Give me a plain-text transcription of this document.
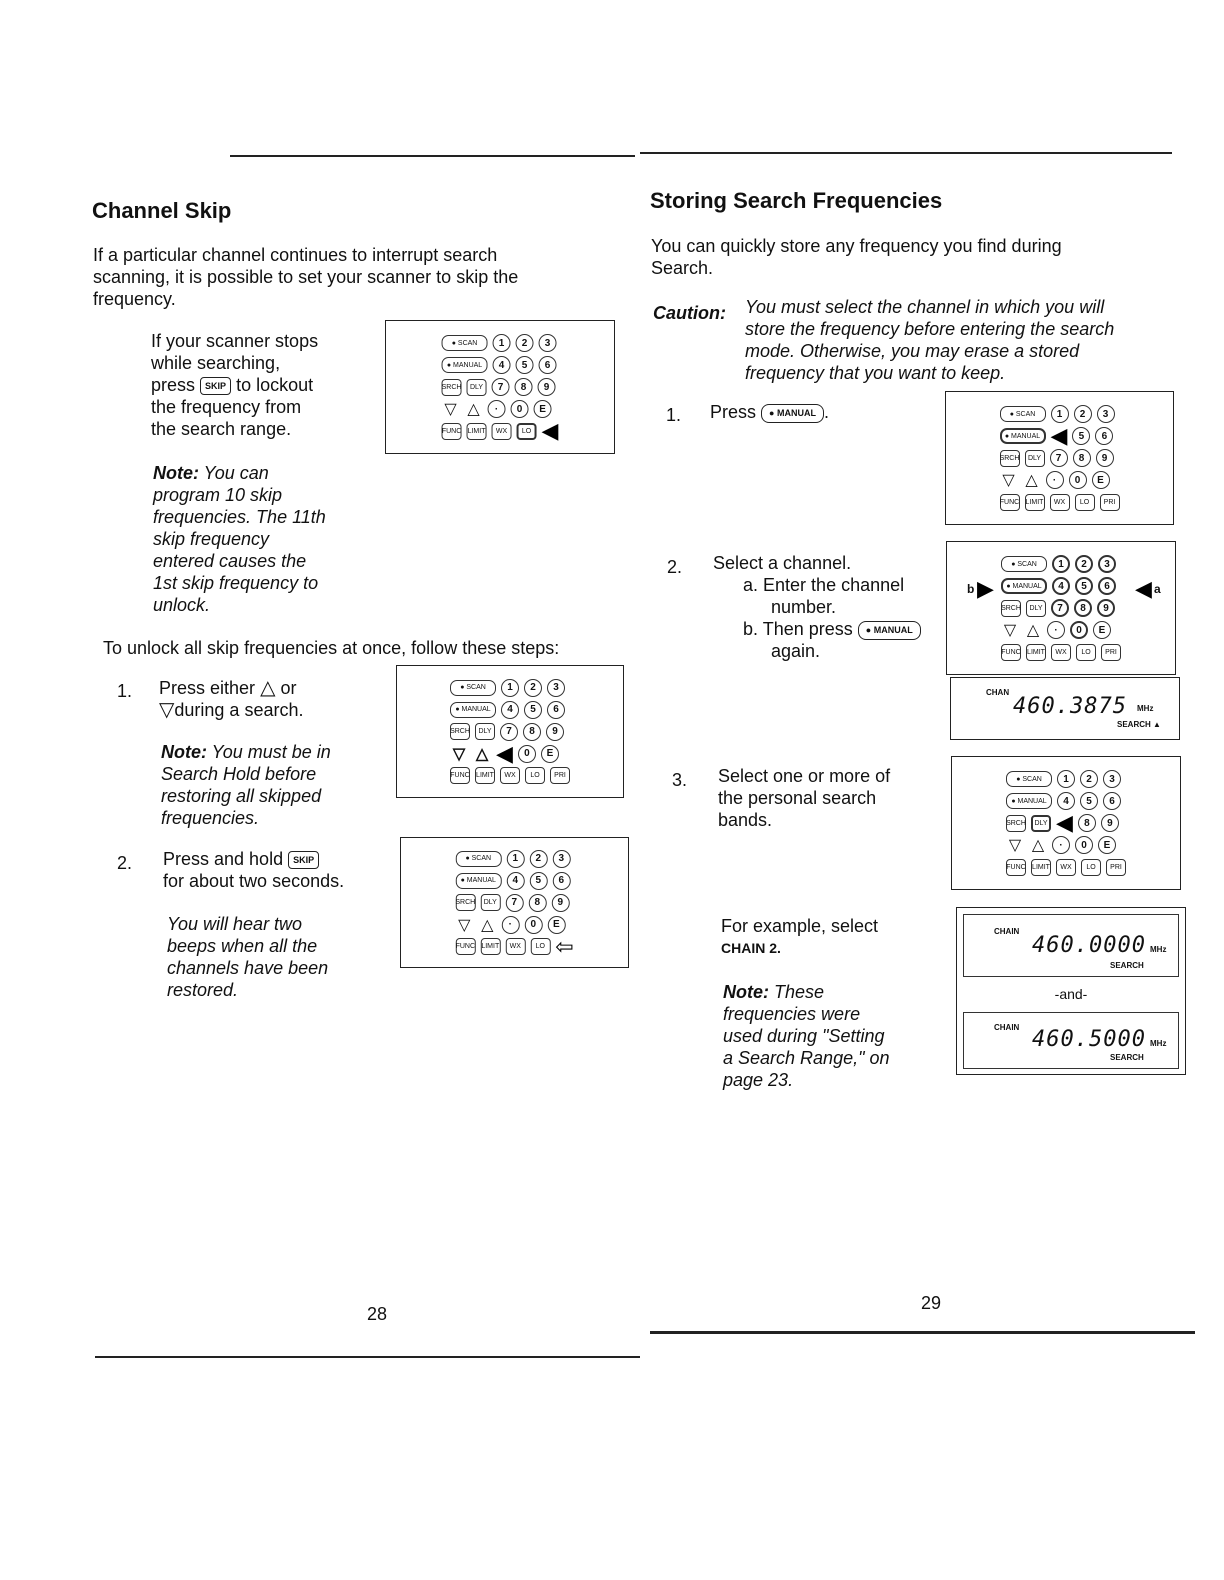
Channel Skip
If a particular channel continues to interrupt search
scanning, it is possible to set your scanner to skip the
frequency.
If your scanner stops
while searching,
press SKIP to lockout
the frequency from
the search range.
● SCAN	1	2	3
● MANUAL	4	5	6
SRCH	DLY	7	8	9
▽ △	·	0	E
FUNC LIMIT	WX	LO ◀
Note: You can
program 10 skip
frequencies. The 11th
skip frequency
entered causes the
1st skip frequency to
unlock.
To unlock all skip frequencies at once, follow these steps:
1. Press either △ or
▽during a search.
Note: You must be in
Search Hold before
restoring all skipped
frequencies.
● SCAN	1	2	3
● MANUAL	4	5	6
SRCH	DLY	7	8	9
▽ △ ◀	0	E
FUNC LIMIT	WX	LO	PRI
2. Press and hold SKIP
for about two seconds.
You will hear two
beeps when all the
channels have been
restored.
● SCAN	1	2	3
● MANUAL	4	5	6
SRCH	DLY	7	8	9
▽ △	·	0	E
FUNC LIMIT	WX	LO ⇦
28
Storing Search Frequencies
You can quickly store any frequency you find during
Search.
Caution: You must select the channel in which you will
store the frequency before entering the search
mode. Otherwise, you may erase a stored
frequency that you want to keep.
1. Press ● MANUAL .	● SCAN	1	2	3
● MANUAL ◀	5	6
SRCH	DLY	7	8	9
▽ △	·	0	E
FUNC LIMIT	WX	LO	PRI
2. Select a channel.
a. Enter the channel
number.
b. Then press ● MANUAL
again.
● SCAN	1	2	3
● MANUAL	4	5	6
SRCH	DLY	7	8	9
▽ △	·	0	E
FUNC LIMIT	WX	LO	PRI
b ▶	◀ a
CHAN
460.3875 MHz
SEARCH ▲
3. Select one or more of
the personal search
bands.
● SCAN	1	2	3
● MANUAL	4	5	6
SRCH	DLY ◀	8	9
▽ △	·	0	E
FUNC LIMIT	WX	LO	PRI
For example, select
CHAIN 2.
Note: These
frequencies were
used during "Setting
a Search Range," on
page 23.
CHAIN
460.0000 MHz
SEARCH
-and-
CHAIN 460.5000 MHz
SEARCH
29
